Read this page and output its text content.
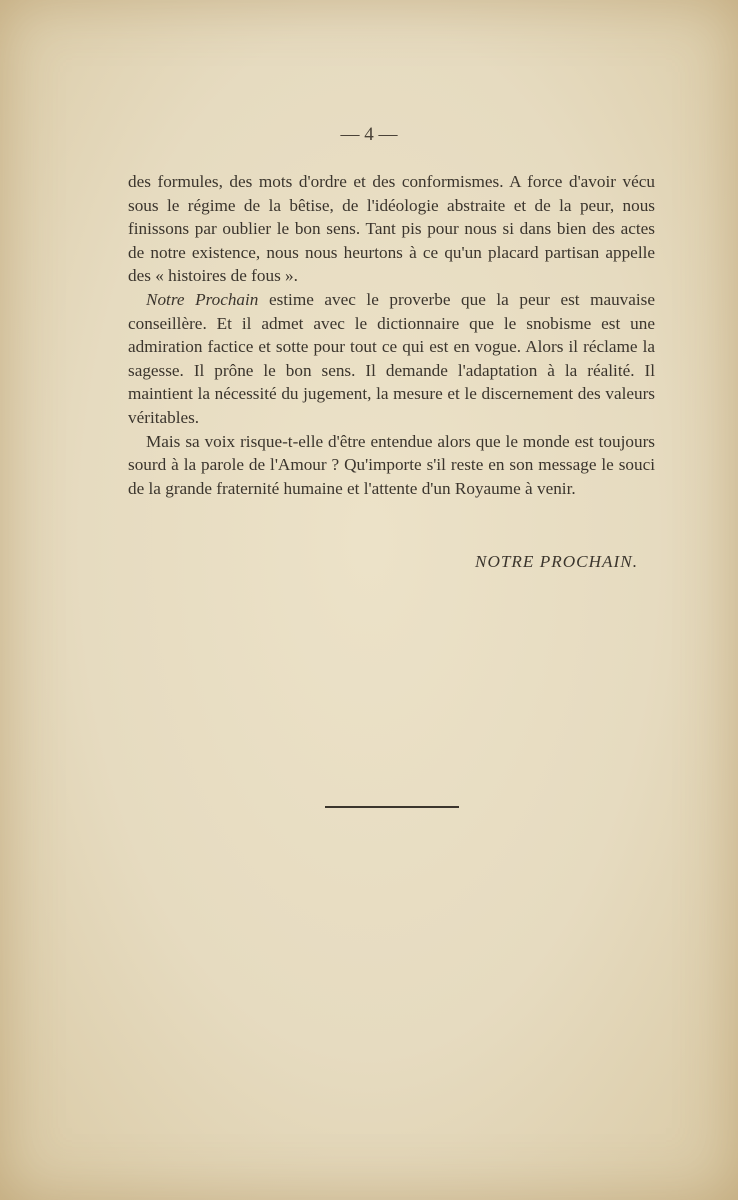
— 4 —

des formules, des mots d'ordre et des conformismes. A force d'avoir vécu sous le régime de la bêtise, de l'idéologie abstraite et de la peur, nous finissons par oublier le bon sens. Tant pis pour nous si dans bien des actes de notre existence, nous nous heurtons à ce qu'un placard partisan appelle des « histoires de fous ».

Notre Prochain estime avec le proverbe que la peur est mauvaise conseillère. Et il admet avec le dictionnaire que le snobisme est une admiration factice et sotte pour tout ce qui est en vogue. Alors il réclame la sagesse. Il prône le bon sens. Il demande l'adaptation à la réalité. Il maintient la nécessité du jugement, la mesure et le discernement des valeurs véritables.

Mais sa voix risque-t-elle d'être entendue alors que le monde est toujours sourd à la parole de l'Amour ? Qu'importe s'il reste en son message le souci de la grande fraternité humaine et l'attente d'un Royaume à venir.

NOTRE PROCHAIN.
